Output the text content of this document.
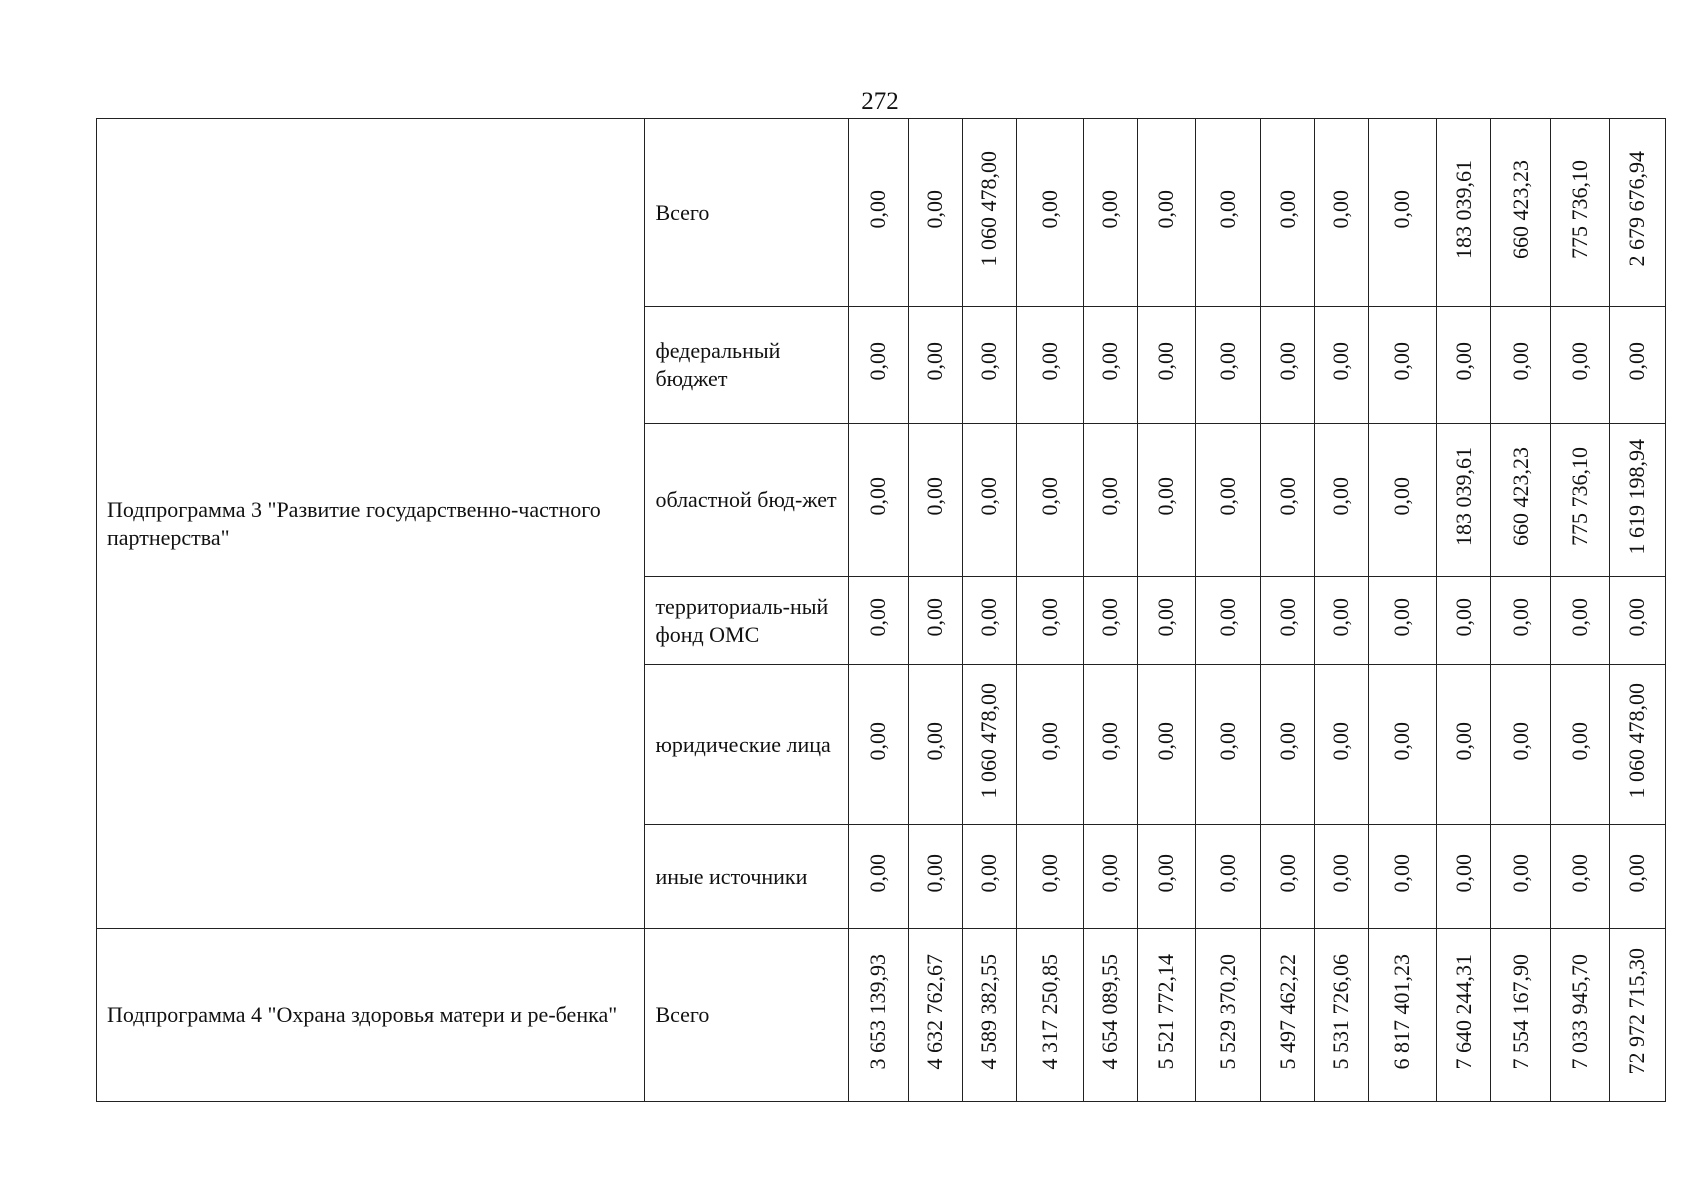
272
Подпрограмма 3 "Развитие государственно-частного партнерства"	Всего	0,00	0,00	1 060 478,00	0,00	0,00	0,00	0,00	0,00	0,00	0,00	183 039,61	660 423,23	775 736,10	2 679 676,94
	федеральный бюджет	0,00	0,00	0,00	0,00	0,00	0,00	0,00	0,00	0,00	0,00	0,00	0,00	0,00	0,00
	областной бюд-жет	0,00	0,00	0,00	0,00	0,00	0,00	0,00	0,00	0,00	0,00	183 039,61	660 423,23	775 736,10	1 619 198,94
	территориаль-ный фонд ОМС	0,00	0,00	0,00	0,00	0,00	0,00	0,00	0,00	0,00	0,00	0,00	0,00	0,00	0,00
	юридические лица	0,00	0,00	1 060 478,00	0,00	0,00	0,00	0,00	0,00	0,00	0,00	0,00	0,00	0,00	1 060 478,00
	иные источники	0,00	0,00	0,00	0,00	0,00	0,00	0,00	0,00	0,00	0,00	0,00	0,00	0,00	0,00
Подпрограмма 4 "Охрана здоровья матери и ре-бенка"	Всего	3 653 139,93	4 632 762,67	4 589 382,55	4 317 250,85	4 654 089,55	5 521 772,14	5 529 370,20	5 497 462,22	5 531 726,06	6 817 401,23	7 640 244,31	7 554 167,90	7 033 945,70	72 972 715,30
